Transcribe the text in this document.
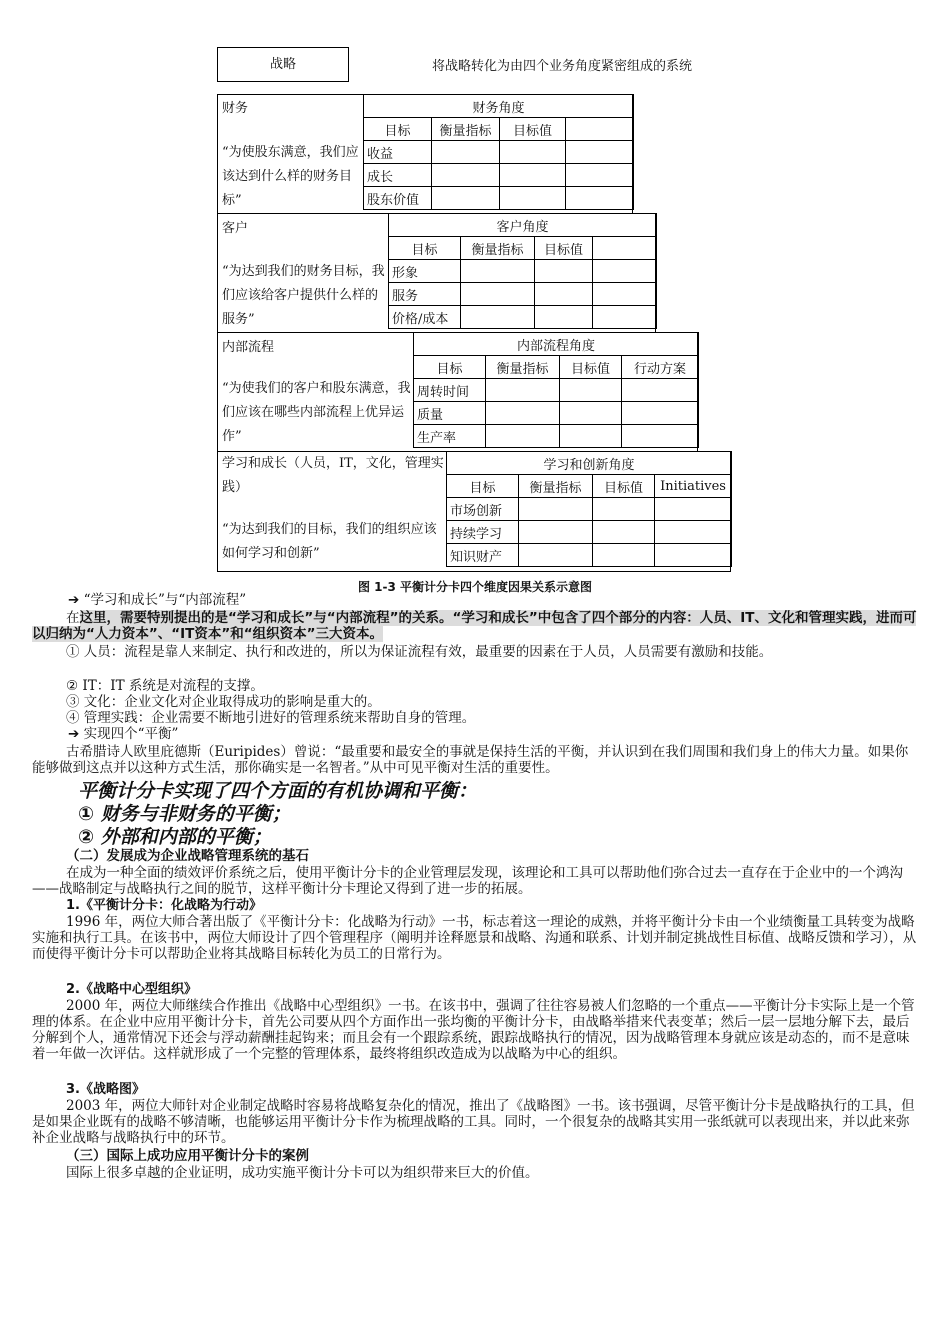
战略	将战略转化为由四个业务角度紧密组成的系统
财务
“为使股东满意，我们应该达到什么样的财务目标”
财务角度			
目标	衡量指标	目标值	
收益			
成长			
股东价值			
客户
“为达到我们的财务目标，我们应该给客户提供什么样的服务”
客户角度			
目标	衡量指标	目标值	
形象			
服务			
价格/成本			
内部流程
“为使我们的客户和股东满意，我们应该在哪些内部流程上优异运作”
内部流程角度			
目标	衡量指标	目标值	行动方案
周转时间			
质量			
生产率			
学习和成长（人员，IT，文化，管理实践）
“为达到我们的目标，我们的组织应该如何学习和创新”
学习和创新角度			
目标	衡量指标	目标值	Initiatives
市场创新			
持续学习			
知识财产			
图 1-3 平衡计分卡四个维度因果关系示意图
➔ “学习和成长”与“内部流程”
在这里，需要特别提出的是“学习和成长”与“内部流程”的关系。“学习和成长”中包含了四个部分的内容：人员、IT、文化和管理实践，进而可以归纳为“人力资本”、“IT资本”和“组织资本”三大资本。
① 人员：流程是靠人来制定、执行和改进的，所以为保证流程有效，最重要的因素在于人员，人员需要有激励和技能。
② IT：IT 系统是对流程的支撑。
③ 文化：企业文化对企业取得成功的影响是重大的。
④ 管理实践：企业需要不断地引进好的管理系统来帮助自身的管理。
➔ 实现四个“平衡”
古希腊诗人欧里庇德斯（Euripides）曾说：“最重要和最安全的事就是保持生活的平衡，并认识到在我们周围和我们身上的伟大力量。如果你能够做到这点并以这种方式生活，那你确实是一名智者。”从中可见平衡对生活的重要性。
平衡计分卡实现了四个方面的有机协调和平衡：
① 财务与非财务的平衡；
② 外部和内部的平衡；
（二）发展成为企业战略管理系统的基石
在成为一种全面的绩效评价系统之后，使用平衡计分卡的企业管理层发现，该理论和工具可以帮助他们弥合过去一直存在于企业中的一个鸿沟——战略制定与战略执行之间的脱节，这样平衡计分卡理论又得到了进一步的拓展。
1.《平衡计分卡：化战略为行动》
1996 年，两位大师合著出版了《平衡计分卡：化战略为行动》一书，标志着这一理论的成熟，并将平衡计分卡由一个业绩衡量工具转变为战略实施和执行工具。在该书中，两位大师设计了四个管理程序（阐明并诠释愿景和战略、沟通和联系、计划并制定挑战性目标值、战略反馈和学习），从而使得平衡计分卡可以帮助企业将其战略目标转化为员工的日常行为。
2.《战略中心型组织》
2000 年，两位大师继续合作推出《战略中心型组织》一书。在该书中，强调了往往容易被人们忽略的一个重点——平衡计分卡实际上是一个管理的体系。在企业中应用平衡计分卡，首先公司要从四个方面作出一张均衡的平衡计分卡，由战略举措来代表变革；然后一层一层地分解下去，最后分解到个人，通常情况下还会与浮动薪酬挂起钩来；而且会有一个跟踪系统，跟踪战略执行的情况，因为战略管理本身就应该是动态的，而不是意味着一年做一次评估。这样就形成了一个完整的管理体系，最终将组织改造成为以战略为中心的组织。
3.《战略图》
2003 年，两位大师针对企业制定战略时容易将战略复杂化的情况，推出了《战略图》一书。该书强调，尽管平衡计分卡是战略执行的工具，但是如果企业既有的战略不够清晰，也能够运用平衡计分卡作为梳理战略的工具。同时，一个很复杂的战略其实用一张纸就可以表现出来，并以此来弥补企业战略与战略执行中的环节。
（三）国际上成功应用平衡计分卡的案例
国际上很多卓越的企业证明，成功实施平衡计分卡可以为组织带来巨大的价值。
